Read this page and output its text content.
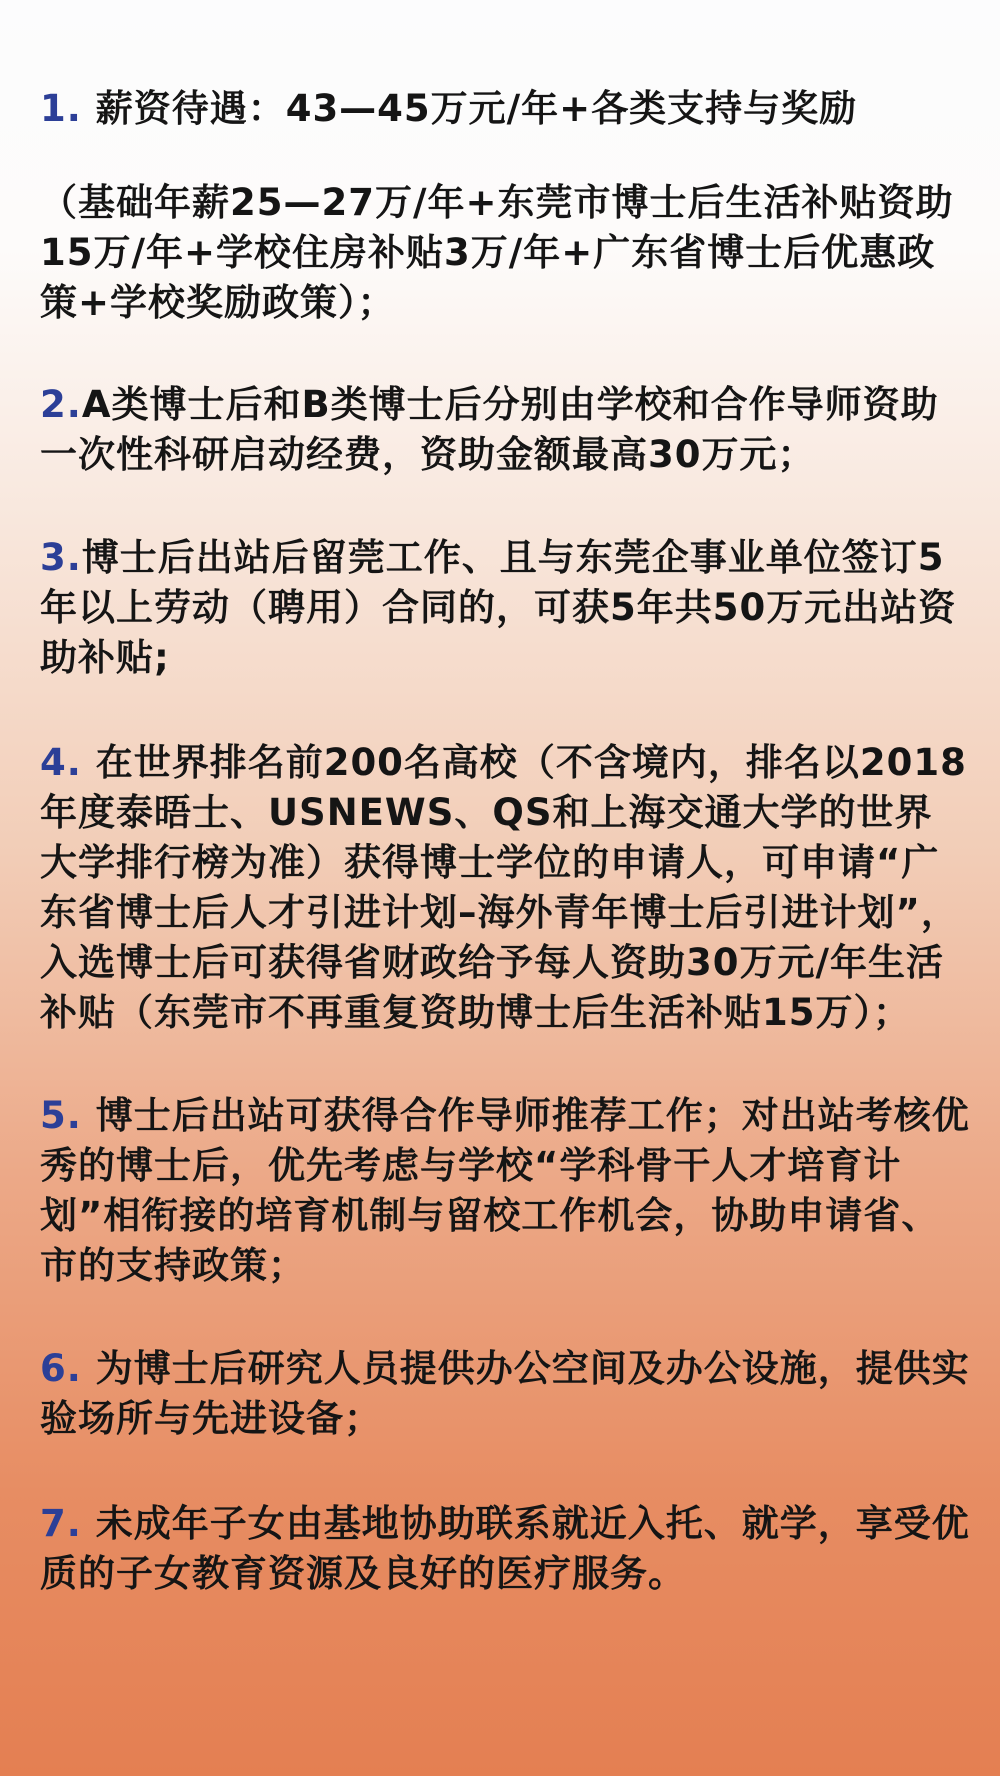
1. 薪资待遇：43—45万元/年+各类支持与奖励

（基础年薪25—27万/年+东莞市博士后生活补贴资助15万/年+学校住房补贴3万/年+广东省博士后优惠政策+学校奖励政策）；

2.A类博士后和B类博士后分别由学校和合作导师资助一次性科研启动经费，资助金额最高30万元；

3.博士后出站后留莞工作、且与东莞企事业单位签订5年以上劳动（聘用）合同的，可获5年共50万元出站资助补贴;

4. 在世界排名前200名高校（不含境内，排名以2018年度泰晤士、USNEWS、QS和上海交通大学的世界大学排行榜为准）获得博士学位的申请人，可申请“广东省博士后人才引进计划–海外青年博士后引进计划”，入选博士后可获得省财政给予每人资助30万元/年生活补贴（东莞市不再重复资助博士后生活补贴15万）；

5. 博士后出站可获得合作导师推荐工作；对出站考核优秀的博士后，优先考虑与学校“学科骨干人才培育计划”相衔接的培育机制与留校工作机会，协助申请省、市的支持政策；

6. 为博士后研究人员提供办公空间及办公设施，提供实验场所与先进设备；

7. 未成年子女由基地协助联系就近入托、就学，享受优质的子女教育资源及良好的医疗服务。
